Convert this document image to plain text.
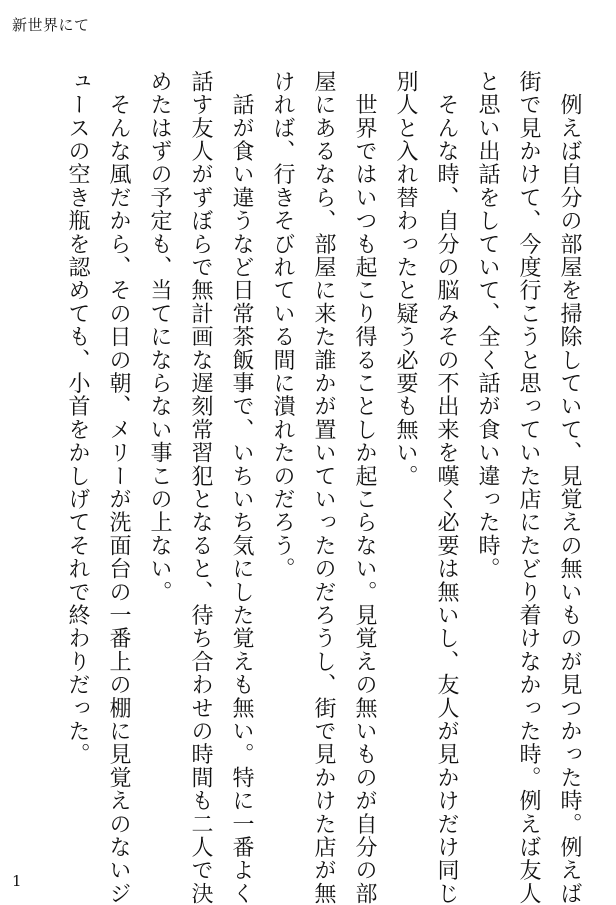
新世界にて
　例えば自分の部屋を掃除していて、見覚えの無いものが見つかった時。例えば
街で見かけて、今度行こうと思っていた店にたどり着けなかった時。例えば友人
と思い出話をしていて、全く話が食い違った時。
　そんな時、自分の脳みその不出来を嘆く必要は無いし、友人が見かけだけ同じ
別人と入れ替わったと疑う必要も無い。
　世界ではいつも起こり得ることしか起こらない。見覚えの無いものが自分の部
屋にあるなら、部屋に来た誰かが置いていったのだろうし、街で見かけた店が無
ければ、行きそびれている間に潰れたのだろう。
　話が食い違うなど日常茶飯事で、いちいち気にした覚えも無い。特に一番よく
話す友人がずぼらで無計画な遅刻常習犯となると、待ち合わせの時間も二人で決
めたはずの予定も、当てにならない事この上ない。
　そんな風だから、その日の朝、メリーが洗面台の一番上の棚に見覚えのないジ
ュースの空き瓶を認めても、小首をかしげてそれで終わりだった。
1
